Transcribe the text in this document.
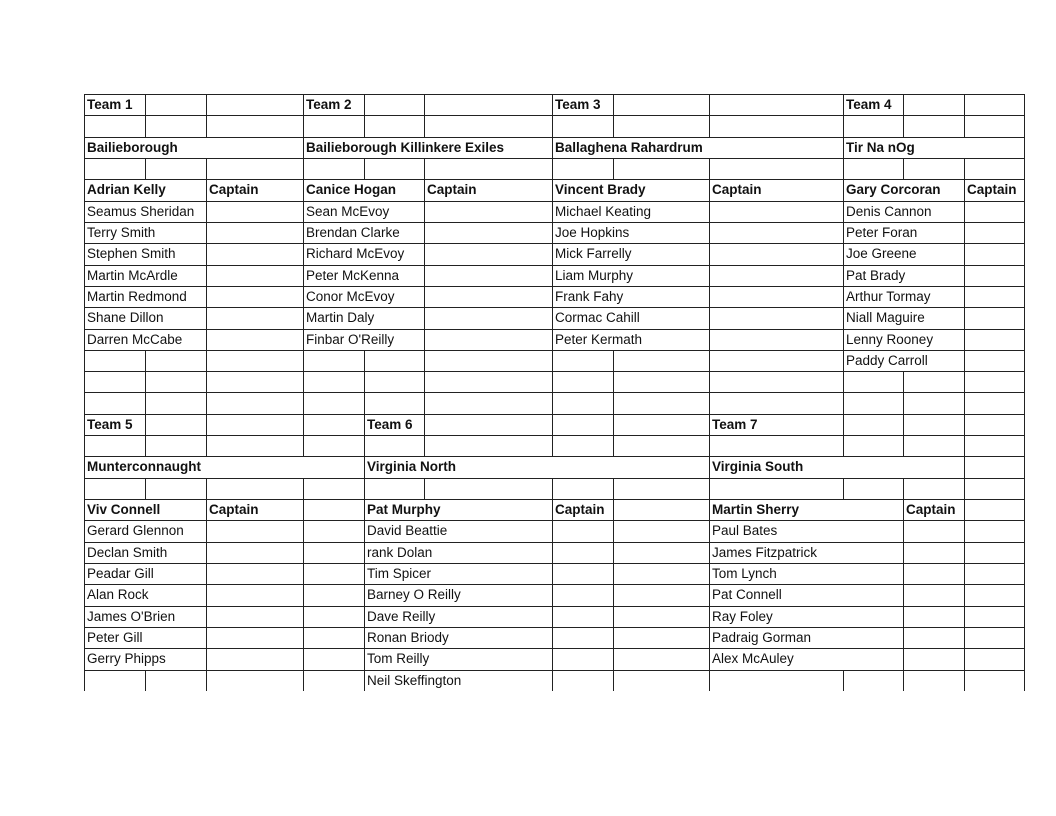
Team 1
Bailieborough
Adrian Kelly	Captain
Seamus Sheridan
Terry Smith
Stephen Smith
Martin McArdle
Martin Redmond
Shane Dillon
Darren McCabe
Team 2
Bailieborough Killinkere Exiles
Canice Hogan Captain
Sean McEvoy
Brendan Clarke
Richard McEvoy
Peter McKenna
Conor McEvoy
Martin Daly
Finbar O'Reilly
Team 3
Ballaghena Rahardrum
Vincent Brady	Captain
Michael Keating
Joe Hopkins
Mick Farrelly
Liam Murphy
Frank Fahy
Cormac Cahill
Peter Kermath
Team 4
Tir Na nOg
Gary Corcoran Captain
Denis Cannon
Peter Foran
Joe Greene
Pat Brady
Arthur Tormay
Niall Maguire
Lenny Rooney
Paddy Carroll
Team 5
Munterconnaught
Viv Connell	Captain
Gerard Glennon
Declan Smith
Peadar Gill
Alan Rock
James O'Brien
Peter Gill
Gerry Phipps
Team 6
Virginia North
Pat Murphy	Captain
David Beattie
rank Dolan
Tim Spicer
Barney O Reilly
Dave Reilly
Ronan Briody
Tom Reilly
Neil Skeffington
Team 7
Virginia South
Martin Sherry	Captain
Paul Bates
James Fitzpatrick
Tom Lynch
Pat Connell
Ray Foley
Padraig Gorman
Alex McAuley
